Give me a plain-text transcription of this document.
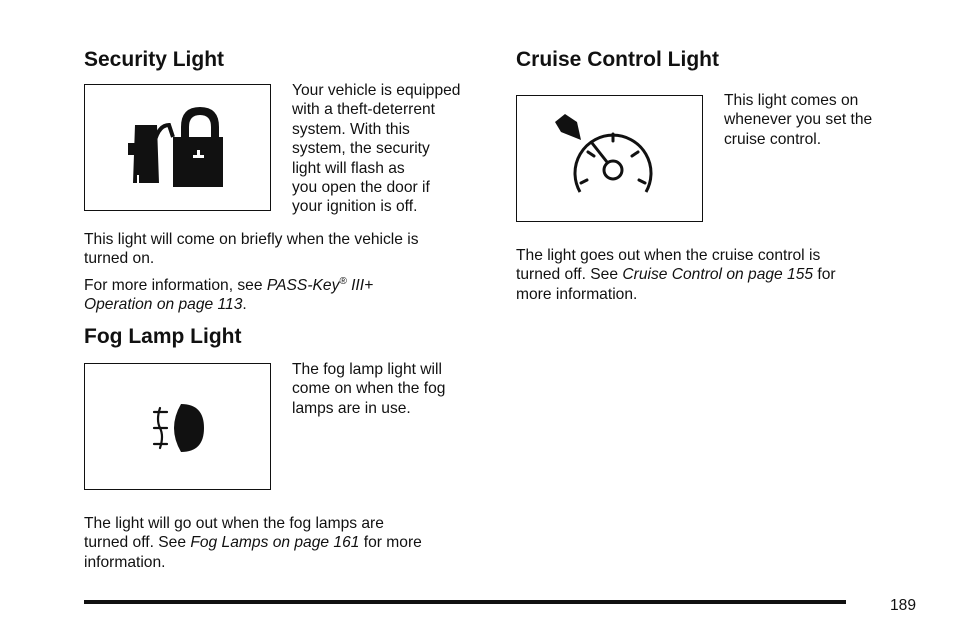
Security Light
Your vehicle is equipped
with a theft-deterrent
system. With this
system, the security
light will flash as
you open the door if
your ignition is off.
This light will come on briefly when the vehicle is
turned on.
For more information, see PASS-Key® III+
Operation on page 113.
Fog Lamp Light
The fog lamp light will
come on when the fog
lamps are in use.
The light will go out when the fog lamps are
turned off. See Fog Lamps on page 161 for more
information.
Cruise Control Light
This light comes on
whenever you set the
cruise control.
The light goes out when the cruise control is
turned off. See Cruise Control on page 155 for
more information.
189
